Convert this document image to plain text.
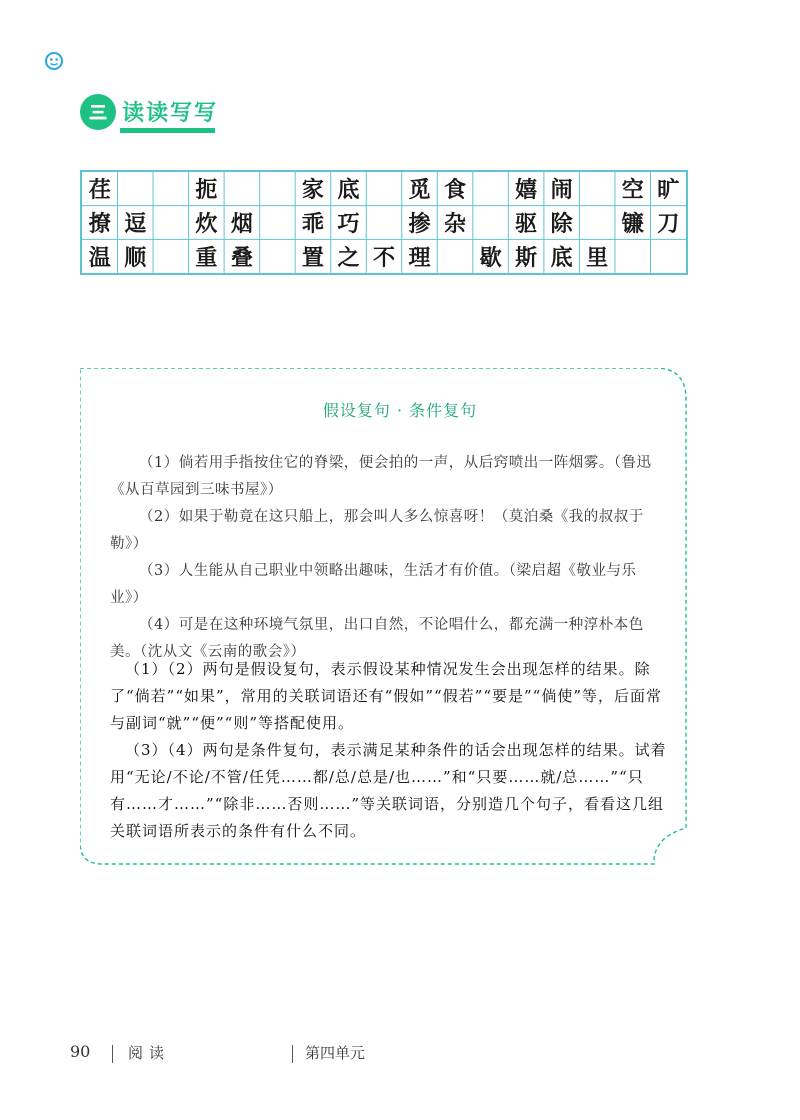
读读写写
荏	扼	家 底	觅 食	嬉 闹	空 旷
撩 逗	炊 烟	乖 巧	掺 杂	驱 除	镰 刀
温 顺	重 叠	置 之 不 理	歇 斯 底 里
假设复句 · 条件复句

（1）倘若用手指按住它的脊梁，便会拍的一声，从后窍喷出一阵烟雾。（鲁迅《从百草园到三味书屋》）

（2）如果于勒竟在这只船上，那会叫人多么惊喜呀！（莫泊桑《我的叔叔于勒》）

（3）人生能从自己职业中领略出趣味，生活才有价值。（梁启超《敬业与乐业》）

（4）可是在这种环境气氛里，出口自然，不论唱什么，都充满一种淳朴本色美。（沈从文《云南的歌会》）

（1）（2）两句是假设复句，表示假设某种情况发生会出现怎样的结果。除了“倘若”“如果”，常用的关联词语还有“假如”“假若”“要是”“倘使”等，后面常与副词“就”“便”“则”等搭配使用。

（3）（4）两句是条件复句，表示满足某种条件的话会出现怎样的结果。试着用“无论/不论/不管/任凭……都/总/总是/也……”和“只要……就/总……”“只有……才……”“除非……否则……”等关联词语，分别造几个句子，看看这几组关联词语所表示的条件有什么不同。

90	阅读	第四单元
